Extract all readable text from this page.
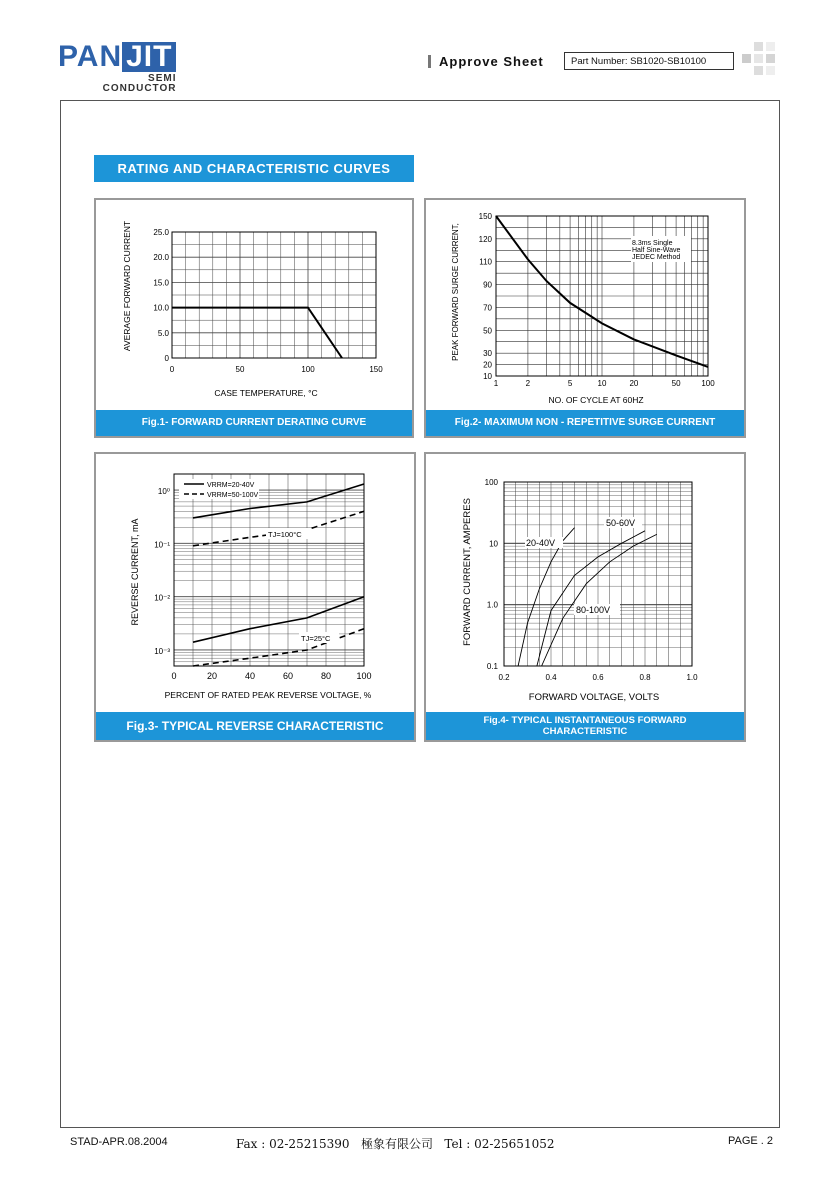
PAN JIT
SEMI
CONDUCTOR
Approve Sheet	Part Number: SB1020-SB10100
RATING AND CHARACTERISTIC CURVES
25.0
20.0
15.0
10.0
5.0
0
0	50	100	150
AVERAGE FORWARD CURRENT
CASE TEMPERATURE, °C
Fig.1- FORWARD CURRENT DERATING CURVE
150
120
110
90
70
50
30
20
10
1	2	5	10	20	50	100
8.3ms Single
Half Sine-Wave
JEDEC Method
PEAK FORWARD SURGE CURRENT,
NO. OF CYCLE AT 60HZ
Fig.2- MAXIMUM NON - REPETITIVE SURGE CURRENT
VRRM=20-40V
VRRM=50-100V
TJ=100°C
TJ=25°C
10⁰
10⁻¹
10⁻²
10⁻³
0	20	40	60	80	100
REVERSE CURRENT, mA
PERCENT OF RATED PEAK REVERSE VOLTAGE, %
Fig.3- TYPICAL REVERSE CHARACTERISTIC
20-40V
50-60V
80-100V
100
10
1.0
0.1
0.2	0.4	0.6	0.8	1.0
FORWARD CURRENT, AMPERES
FORWARD VOLTAGE, VOLTS
Fig.4- TYPICAL INSTANTANEOUS FORWARD
CHARACTERISTIC
STAD-APR.08.2004	Fax : 02-25215390   極象有限公司   Tel : 02-25651052	PAGE . 2
